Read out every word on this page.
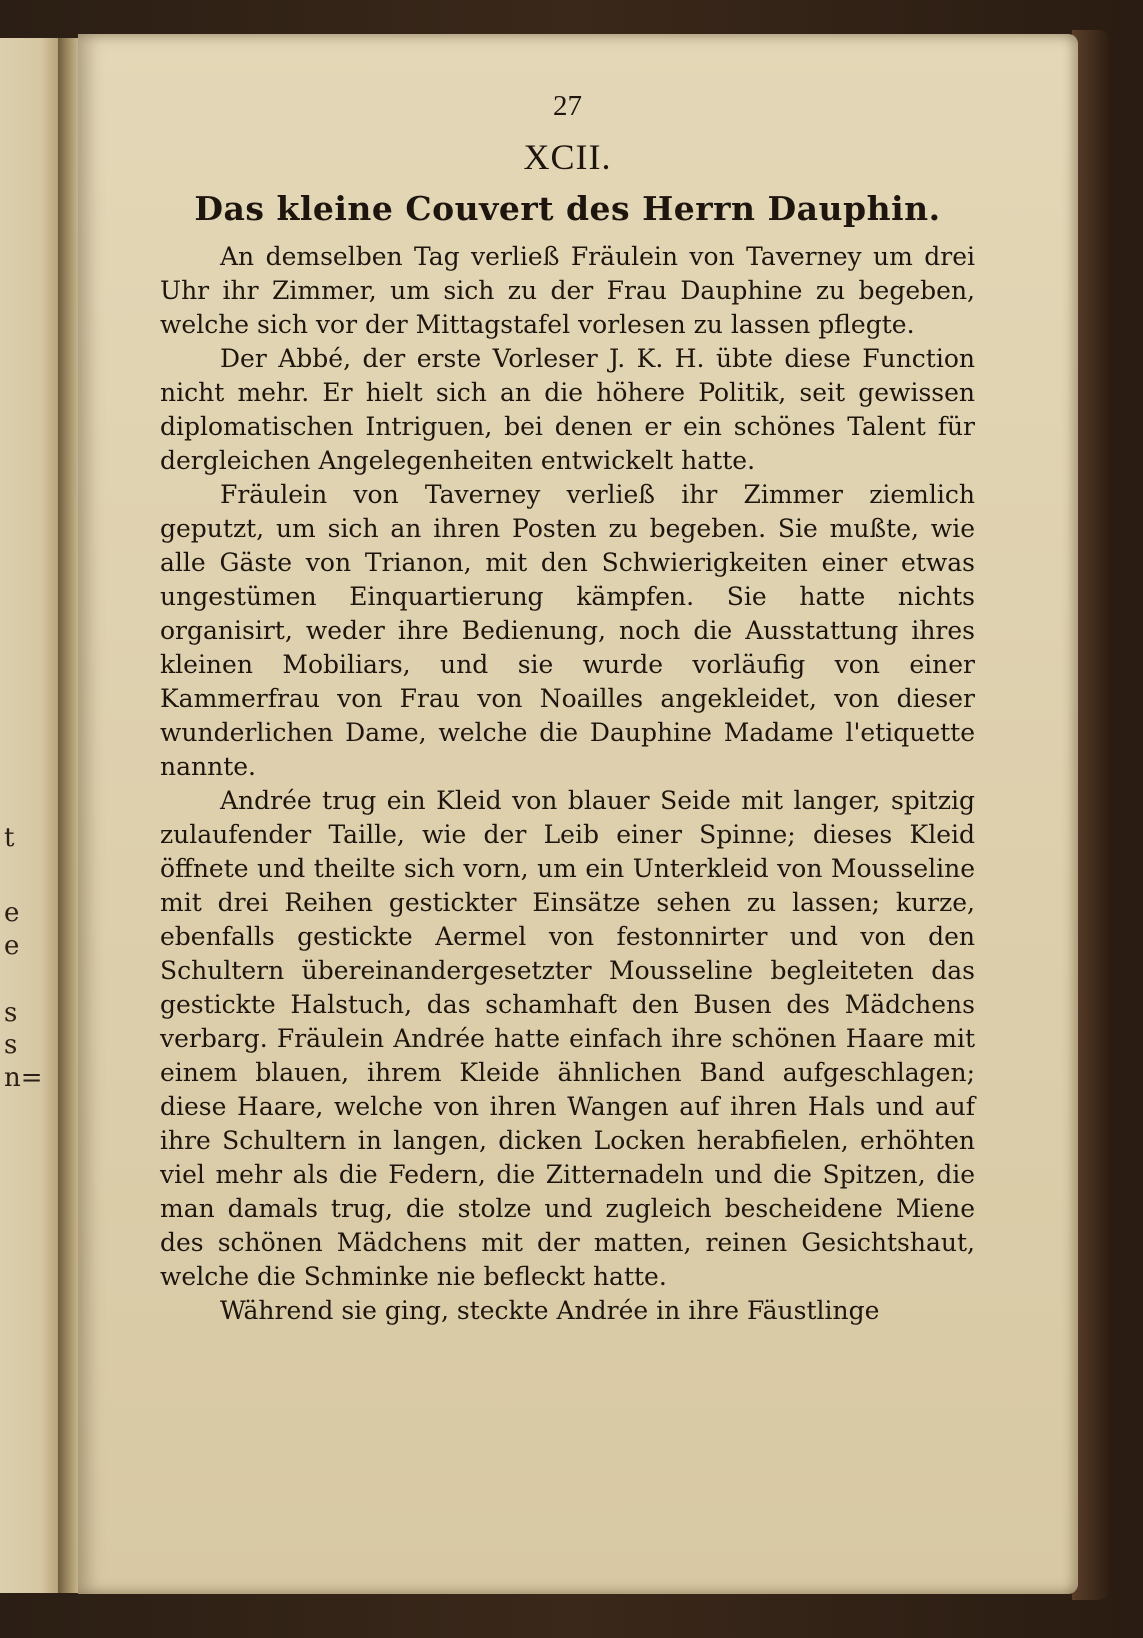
t
e
e
s
s
n=

27

XCII.

Das kleine Couvert des Herrn Dauphin.

An demselben Tag verließ Fräulein von Taverney um drei Uhr ihr Zimmer, um sich zu der Frau Dauphine zu begeben, welche sich vor der Mittagstafel vorlesen zu lassen pflegte.

Der Abbé, der erste Vorleser J. K. H. übte diese Function nicht mehr. Er hielt sich an die höhere Politik, seit gewissen diplomatischen Intriguen, bei denen er ein schönes Talent für dergleichen Angelegenheiten entwickelt hatte.

Fräulein von Taverney verließ ihr Zimmer ziemlich geputzt, um sich an ihren Posten zu begeben. Sie mußte, wie alle Gäste von Trianon, mit den Schwierigkeiten einer etwas ungestümen Einquartierung kämpfen. Sie hatte nichts organisirt, weder ihre Bedienung, noch die Ausstattung ihres kleinen Mobiliars, und sie wurde vorläufig von einer Kammerfrau von Frau von Noailles angekleidet, von dieser wunderlichen Dame, welche die Dauphine Madame l'etiquette nannte.

Andrée trug ein Kleid von blauer Seide mit langer, spitzig zulaufender Taille, wie der Leib einer Spinne; dieses Kleid öffnete und theilte sich vorn, um ein Unterkleid von Mousseline mit drei Reihen gestickter Einsätze sehen zu lassen; kurze, ebenfalls gestickte Aermel von festonnirter und von den Schultern übereinandergesetzter Mousseline begleiteten das gestickte Halstuch, das schamhaft den Busen des Mädchens verbarg. Fräulein Andrée hatte einfach ihre schönen Haare mit einem blauen, ihrem Kleide ähnlichen Band aufgeschlagen; diese Haare, welche von ihren Wangen auf ihren Hals und auf ihre Schultern in langen, dicken Locken herabfielen, erhöhten viel mehr als die Federn, die Zitternadeln und die Spitzen, die man damals trug, die stolze und zugleich bescheidene Miene des schönen Mädchens mit der matten, reinen Gesichtshaut, welche die Schminke nie befleckt hatte.

Während sie ging, steckte Andrée in ihre Fäustlinge
